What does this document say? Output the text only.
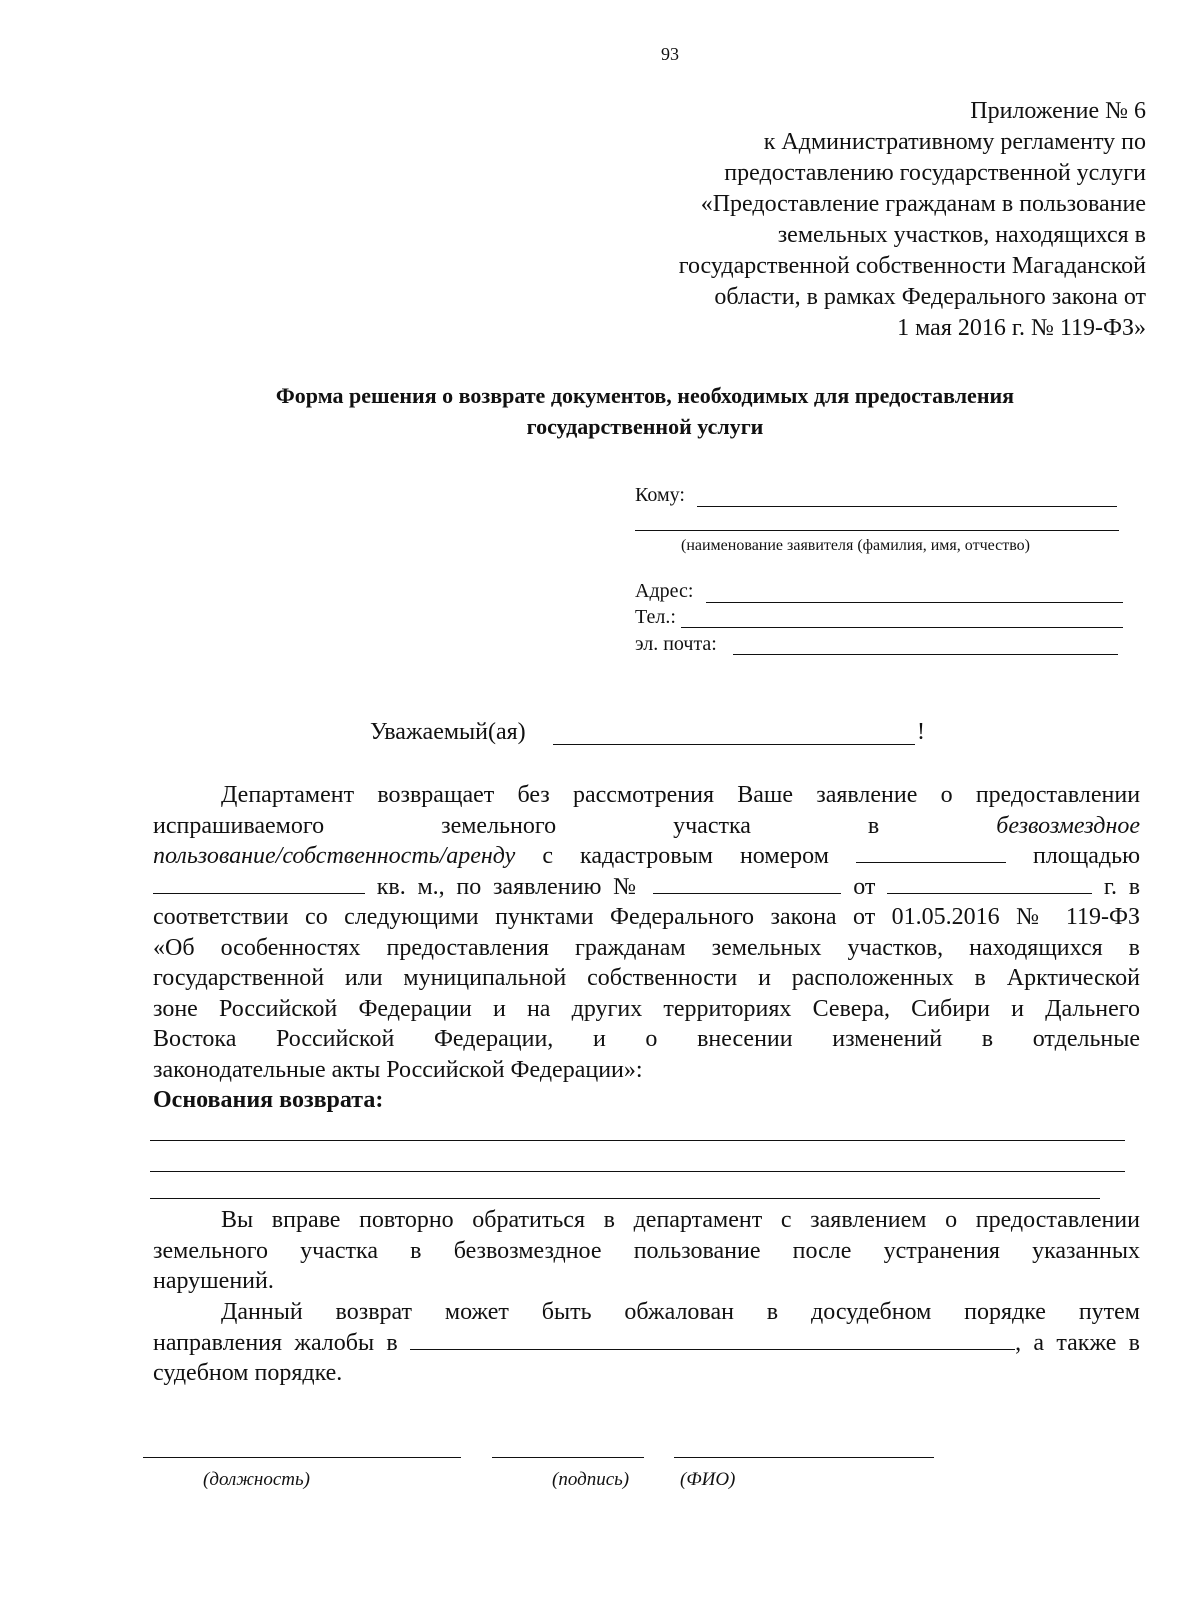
93
Приложение № 6
к Административному регламенту по
предоставлению государственной услуги
«Предоставление гражданам в пользование
земельных участков, находящихся в
государственной собственности Магаданской
области, в рамках Федерального закона от
1 мая 2016 г. № 119-ФЗ»
Форма решения о возврате документов, необходимых для предоставления
государственной услуги
Кому:
(наименование заявителя (фамилия, имя, отчество)
Адрес:
Тел.:
эл. почта:
Уважаемый(ая)	!
Департамент возвращает без рассмотрения Ваше заявление о предоставлении
испрашиваемого	земельного	участка	в	безвозмездное
пользование/собственность/аренду с кадастровым номером	площадью
кв. м., по заявлению №	от	г. в
соответствии со следующими пунктами Федерального закона от 01.05.2016 № 119-ФЗ
«Об особенностях предоставления гражданам земельных участков, находящихся в
государственной или муниципальной собственности и расположенных в Арктической
зоне Российской Федерации и на других территориях Севера, Сибири и Дальнего
Востока Российской Федерации, и о внесении изменений в отдельные
законодательные акты Российской Федерации»:
Основания возврата:
Вы вправе повторно обратиться в департамент с заявлением о предоставлении
земельного участка в безвозмездное пользование после устранения указанных
нарушений.
Данный возврат может быть обжалован в досудебном порядке путем
направления жалобы в	, а также в
судебном порядке.
(должность)	(подпись)	(ФИО)
